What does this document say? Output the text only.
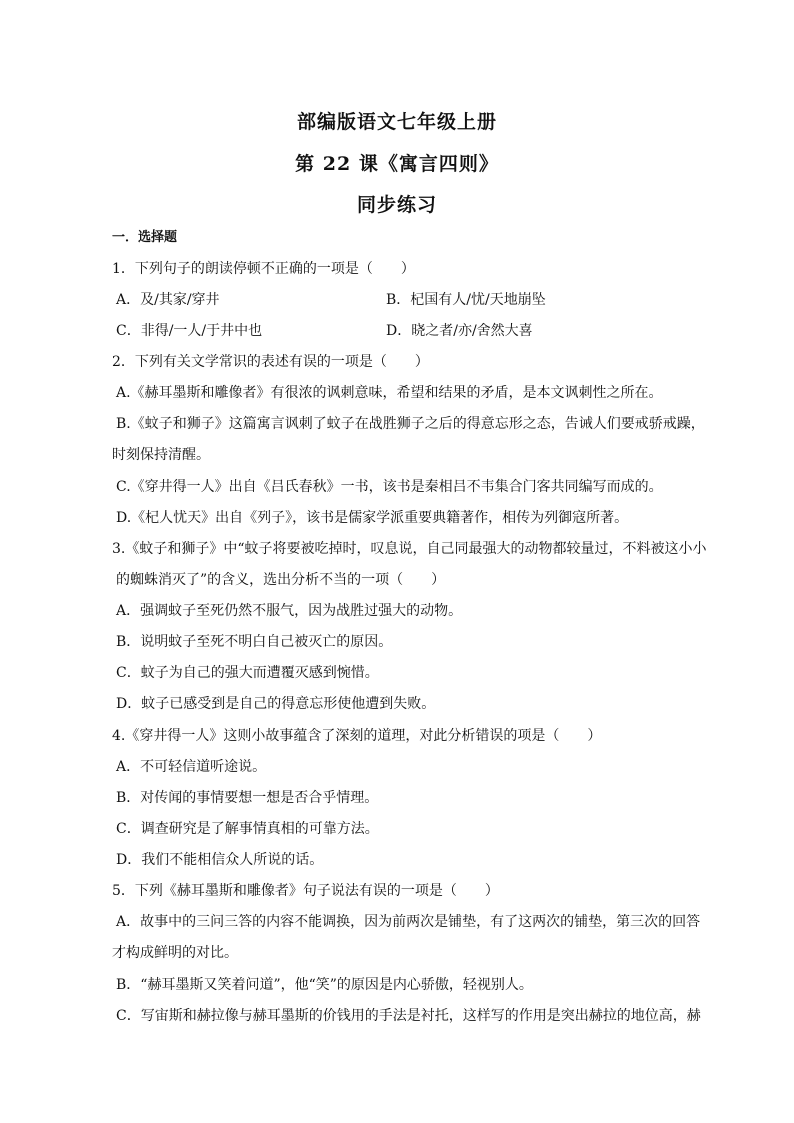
部编版语文七年级上册
第 22 课《寓言四则》
同步练习
一．选择题
1．下列句子的朗读停顿不正确的一项是（　　）
A．及/其家/穿井	B．杞国有人/忧/天地崩坠
C．非得/一人/于井中也	D．晓之者/亦/舍然大喜
2．下列有关文学常识的表述有误的一项是（　　）
A.《赫耳墨斯和雕像者》有很浓的讽刺意味，希望和结果的矛盾，是本文讽刺性之所在。
B.《蚊子和狮子》这篇寓言讽刺了蚊子在战胜狮子之后的得意忘形之态，告诫人们要戒骄戒躁，
时刻保持清醒。
C.《穿井得一人》出自《吕氏春秋》一书，该书是秦相吕不韦集合门客共同编写而成的。
D.《杞人忧天》出自《列子》，该书是儒家学派重要典籍著作，相传为列御寇所著。
3.《蚊子和狮子》中“蚊子将要被吃掉时，叹息说，自己同最强大的动物都较量过，不料被这小小
的蜘蛛消灭了”的含义，选出分析不当的一项（　　）
A．强调蚊子至死仍然不服气，因为战胜过强大的动物。
B．说明蚊子至死不明白自己被灭亡的原因。
C．蚊子为自己的强大而遭覆灭感到惋惜。
D．蚊子已感受到是自己的得意忘形使他遭到失败。
4.《穿井得一人》这则小故事蕴含了深刻的道理，对此分析错误的项是（　　）
A．不可轻信道听途说。
B．对传闻的事情要想一想是否合乎情理。
C．调查研究是了解事情真相的可靠方法。
D．我们不能相信众人所说的话。
5．下列《赫耳墨斯和雕像者》句子说法有误的一项是（　　）
A．故事中的三问三答的内容不能调换，因为前两次是铺垫，有了这两次的铺垫，第三次的回答
才构成鲜明的对比。
B．“赫耳墨斯又笑着问道”，他“笑”的原因是内心骄傲，轻视别人。
C．写宙斯和赫拉像与赫耳墨斯的价钱用的手法是衬托，这样写的作用是突出赫拉的地位高，赫
